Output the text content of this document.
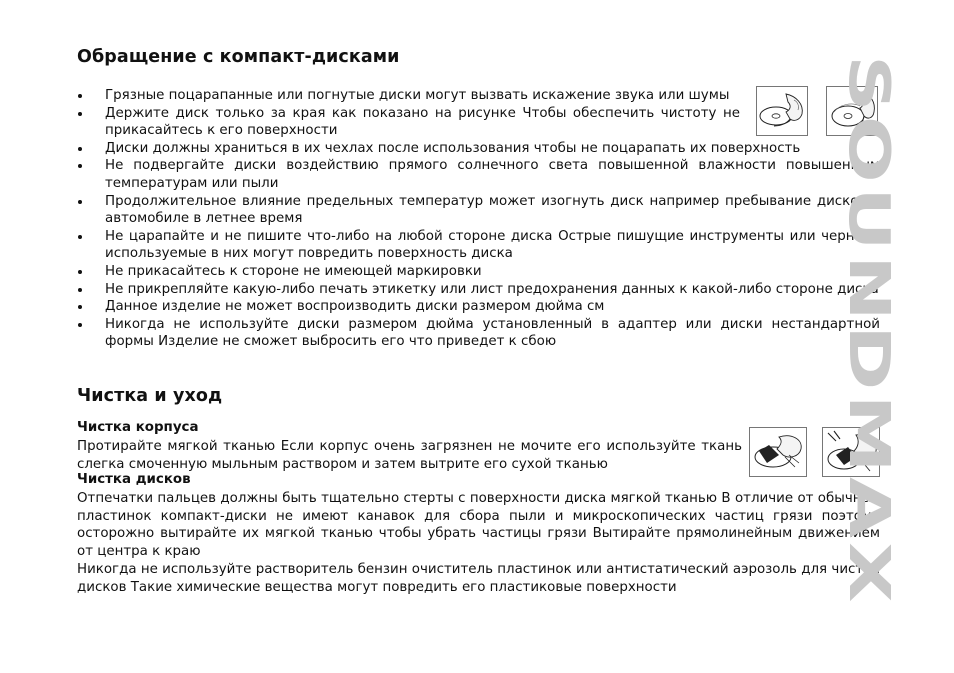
Обращение с компакт-дисками
Грязные поцарапанные или погнутые диски могут вызвать искажение звука или шумы
Держите диск только за края как показано на рисунке Чтобы обеспечить чистоту не прикасайтесь к его поверхности
Диски должны храниться в их чехлах после использования чтобы не поцарапать их поверхность
Не подвергайте диски воздействию прямого солнечного света повышенной влажности повышенным температурам или пыли
Продолжительное влияние предельных температур может изогнуть диск например пребывание дисков в автомобиле в летнее время
Не царапайте и не пишите что-либо на любой стороне диска Острые пишущие инструменты или чернила используемые в них могут повредить поверхность диска
Не прикасайтесь к стороне не имеющей маркировки
Не прикрепляйте какую-либо печать этикетку или лист предохранения данных к какой-либо стороне диска
Данное изделие не может воспроизводить диски размером дюйма см
Никогда не используйте диски размером дюйма установленный в адаптер или диски нестандартной формы Изделие не сможет выбросить его что приведет к сбою
Чистка и уход
Чистка корпуса

Протирайте мягкой тканью Если корпус очень загрязнен не мочите его используйте ткань слегка смоченную мыльным раствором и затем вытрите его сухой тканью

Чистка дисков

Отпечатки пальцев должны быть тщательно стерты с поверхности диска мягкой тканью В отличие от обычных пластинок компакт-диски не имеют канавок для сбора пыли и микроскопических частиц грязи поэтому осторожно вытирайте их мягкой тканью чтобы убрать частицы грязи Вытирайте прямолинейным движением от центра к краю

Никогда не используйте растворитель бензин очиститель пластинок или антистатический аэрозоль для чистки дисков Такие химические вещества могут повредить его пластиковые поверхности

SOUNDMAX
